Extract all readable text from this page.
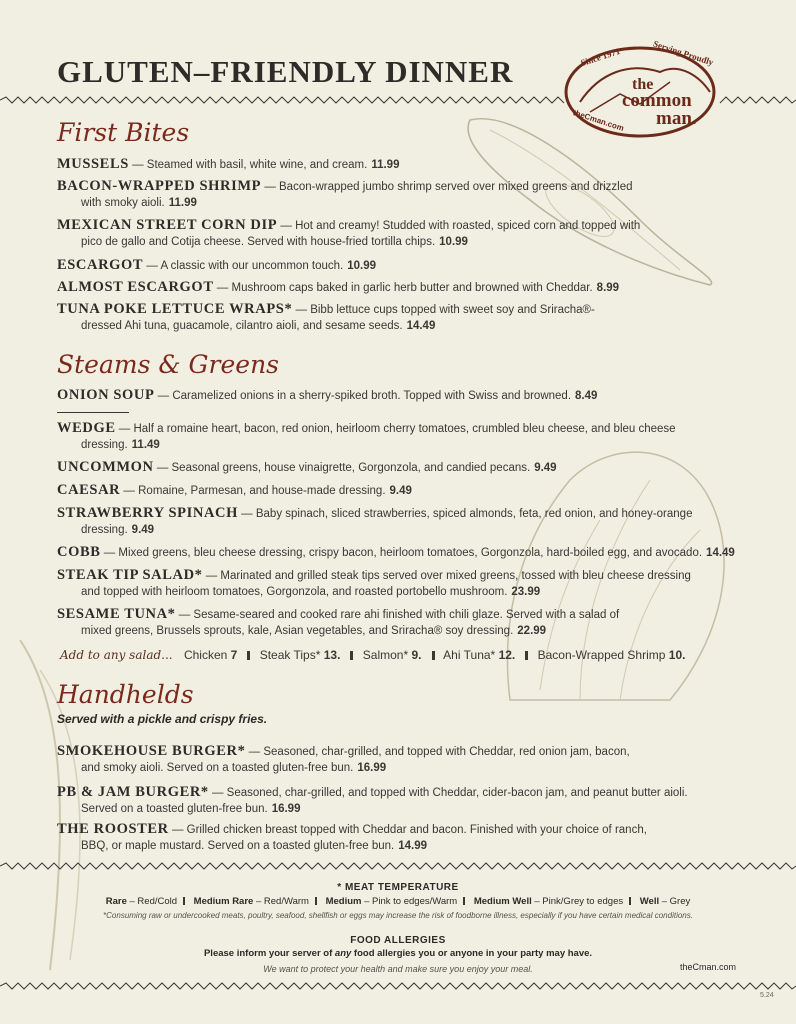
GLUTEN–FRIENDLY DINNER	Since 1971	Serving Proudly
the
common
man.
theCman.com
First Bites
MUSSELS — Steamed with basil, white wine, and cream. 11.99
BACON-WRAPPED SHRIMP — Bacon-wrapped jumbo shrimp served over mixed greens and drizzled
with smoky aioli. 11.99
MEXICAN STREET CORN DIP — Hot and creamy! Studded with roasted, spiced corn and topped with
pico de gallo and Cotija cheese. Served with house-fried tortilla chips. 10.99
ESCARGOT — A classic with our uncommon touch. 10.99
ALMOST ESCARGOT — Mushroom caps baked in garlic herb butter and browned with Cheddar. 8.99
TUNA POKE LETTUCE WRAPS* — Bibb lettuce cups topped with sweet soy and Sriracha®-
dressed Ahi tuna, guacamole, cilantro aioli, and sesame seeds. 14.49
Steams & Greens
ONION SOUP — Caramelized onions in a sherry-spiked broth. Topped with Swiss and browned. 8.49
WEDGE — Half a romaine heart, bacon, red onion, heirloom cherry tomatoes, crumbled bleu cheese, and bleu cheese
dressing. 11.49
UNCOMMON — Seasonal greens, house vinaigrette, Gorgonzola, and candied pecans. 9.49
CAESAR — Romaine, Parmesan, and house-made dressing. 9.49
STRAWBERRY SPINACH — Baby spinach, sliced strawberries, spiced almonds, feta, red onion, and honey-orange
dressing. 9.49
COBB — Mixed greens, bleu cheese dressing, crispy bacon, heirloom tomatoes, Gorgonzola, hard-boiled egg, and avocado. 14.49
STEAK TIP SALAD* — Marinated and grilled steak tips served over mixed greens, tossed with bleu cheese dressing
and topped with heirloom tomatoes, Gorgonzola, and roasted portobello mushroom. 23.99
SESAME TUNA* — Sesame-seared and cooked rare ahi finished with chili glaze. Served with a salad of
mixed greens, Brussels sprouts, kale, Asian vegetables, and Sriracha® soy dressing. 22.99
Add to any salad... Chicken 7 Steak Tips* 13. Salmon* 9. Ahi Tuna* 12. Bacon-Wrapped Shrimp 10.
Handhelds
Served with a pickle and crispy fries.
SMOKEHOUSE BURGER* — Seasoned, char-grilled, and topped with Cheddar, red onion jam, bacon,
and smoky aioli. Served on a toasted gluten-free bun. 16.99
PB & JAM BURGER* — Seasoned, char-grilled, and topped with Cheddar, cider-bacon jam, and peanut butter aioli.
Served on a toasted gluten-free bun. 16.99
THE ROOSTER — Grilled chicken breast topped with Cheddar and bacon. Finished with your choice of ranch,
BBQ, or maple mustard. Served on a toasted gluten-free bun. 14.99
* MEAT TEMPERATURE
Rare – Red/Cold Medium Rare – Red/Warm Medium – Pink to edges/Warm Medium Well – Pink/Grey to edges Well – Grey
*Consuming raw or undercooked meats, poultry, seafood, shellfish or eggs may increase the risk of foodborne illness, especially if you have certain medical conditions.
FOOD ALLERGIES
Please inform your server of any food allergies you or anyone in your party may have.
We want to protect your health and make sure you enjoy your meal.	theCman.com
5.24
